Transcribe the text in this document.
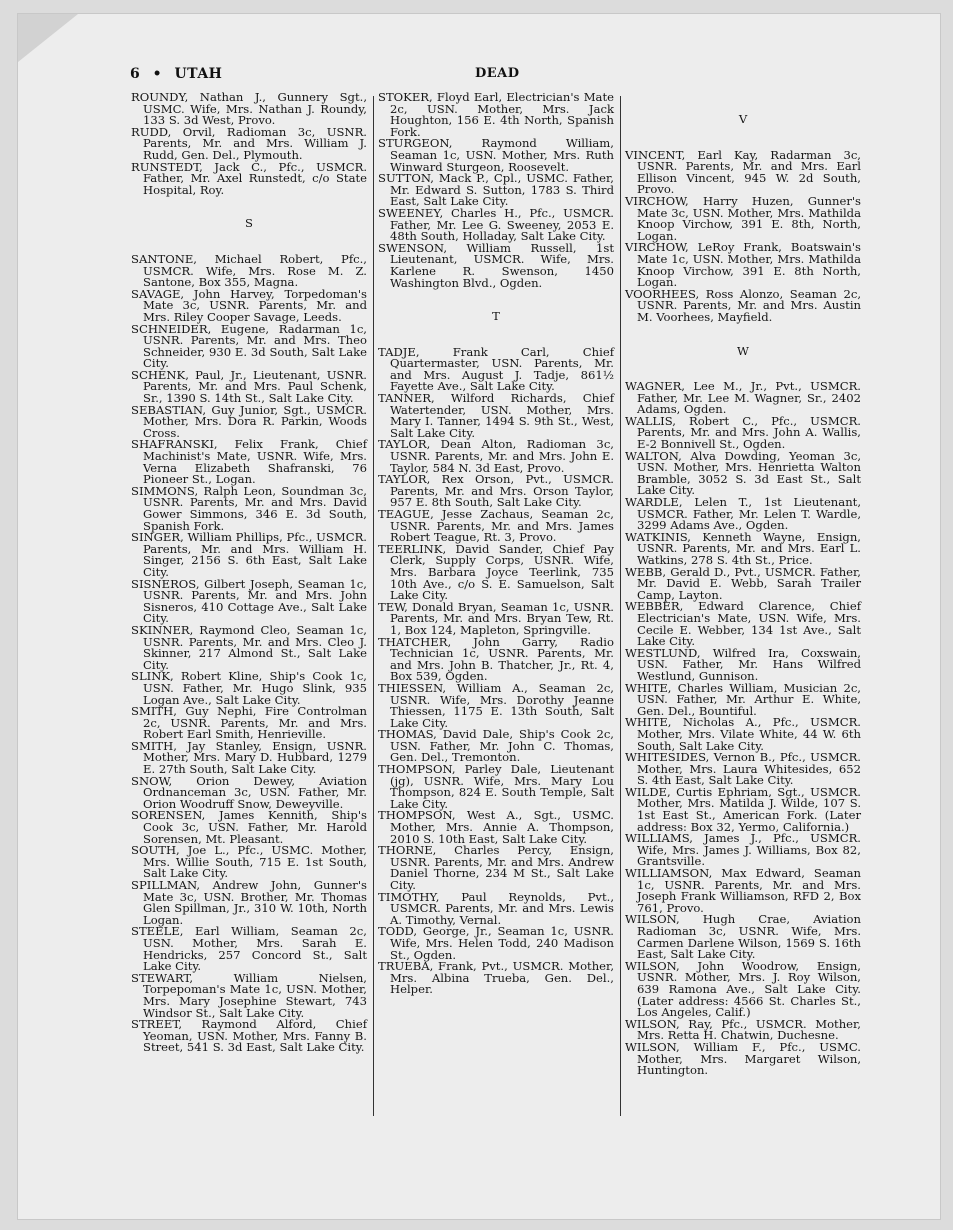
6 • UTAH	DEAD
ROUNDY, Nathan J., Gunnery Sgt., USMC. Wife, Mrs. Nathan J. Roundy, 133 S. 3d West, Provo.
RUDD, Orvil, Radioman 3c, USNR. Parents, Mr. and Mrs. William J. Rudd, Gen. Del., Plymouth.
RUNSTEDT, Jack C., Pfc., USMCR. Father, Mr. Axel Runstedt, c/o State Hospital, Roy.
S
SANTONE, Michael Robert, Pfc., USMCR. Wife, Mrs. Rose M. Z. Santone, Box 355, Magna.
SAVAGE, John Harvey, Torpedoman's Mate 3c, USNR. Parents, Mr. and Mrs. Riley Cooper Savage, Leeds.
SCHNEIDER, Eugene, Radarman 1c, USNR. Parents, Mr. and Mrs. Theo Schneider, 930 E. 3d South, Salt Lake City.
SCHENK, Paul, Jr., Lieutenant, USNR. Parents, Mr. and Mrs. Paul Schenk, Sr., 1390 S. 14th St., Salt Lake City.
SEBASTIAN, Guy Junior, Sgt., USMCR. Mother, Mrs. Dora R. Parkin, Woods Cross.
SHAFRANSKI, Felix Frank, Chief Machinist's Mate, USNR. Wife, Mrs. Verna Elizabeth Shafranski, 76 Pioneer St., Logan.
SIMMONS, Ralph Leon, Soundman 3c, USNR. Parents, Mr. and Mrs. David Gower Simmons, 346 E. 3d South, Spanish Fork.
SINGER, William Phillips, Pfc., USMCR. Parents, Mr. and Mrs. William H. Singer, 2156 S. 6th East, Salt Lake City.
SISNEROS, Gilbert Joseph, Seaman 1c, USNR. Parents, Mr. and Mrs. John Sisneros, 410 Cottage Ave., Salt Lake City.
SKINNER, Raymond Cleo, Seaman 1c, USNR. Parents, Mr. and Mrs. Cleo J. Skinner, 217 Almond St., Salt Lake City.
SLINK, Robert Kline, Ship's Cook 1c, USN. Father, Mr. Hugo Slink, 935 Logan Ave., Salt Lake City.
SMITH, Guy Nephi, Fire Controlman 2c, USNR. Parents, Mr. and Mrs. Robert Earl Smith, Henrieville.
SMITH, Jay Stanley, Ensign, USNR. Mother, Mrs. Mary D. Hubbard, 1279 E. 27th South, Salt Lake City.
SNOW, Orion Dewey, Aviation Ordnanceman 3c, USN. Father, Mr. Orion Woodruff Snow, Deweyville.
SORENSEN, James Kennith, Ship's Cook 3c, USN. Father, Mr. Harold Sorensen, Mt. Pleasant.
SOUTH, Joe L., Pfc., USMC. Mother, Mrs. Willie South, 715 E. 1st South, Salt Lake City.
SPILLMAN, Andrew John, Gunner's Mate 3c, USN. Brother, Mr. Thomas Glen Spillman, Jr., 310 W. 10th, North Logan.
STEELE, Earl William, Seaman 2c, USN. Mother, Mrs. Sarah E. Hendricks, 257 Concord St., Salt Lake City.
STEWART, William Nielsen, Torpepoman's Mate 1c, USN. Mother, Mrs. Mary Josephine Stewart, 743 Windsor St., Salt Lake City.
STREET, Raymond Alford, Chief Yeoman, USN. Mother, Mrs. Fanny B. Street, 541 S. 3d East, Salt Lake City.
STOKER, Floyd Earl, Electrician's Mate 2c, USN. Mother, Mrs. Jack Houghton, 156 E. 4th North, Spanish Fork.
STURGEON, Raymond William, Seaman 1c, USN. Mother, Mrs. Ruth Winward Sturgeon, Roosevelt.
SUTTON, Mack P., Cpl., USMC. Father, Mr. Edward S. Sutton, 1783 S. Third East, Salt Lake City.
SWEENEY, Charles H., Pfc., USMCR. Father, Mr. Lee G. Sweeney, 2053 E. 48th South, Holladay, Salt Lake City.
SWENSON, William Russell, 1st Lieutenant, USMCR. Wife, Mrs. Karlene R. Swenson, 1450 Washington Blvd., Ogden.
T
TADJE, Frank Carl, Chief Quartermaster, USN. Parents, Mr. and Mrs. August J. Tadje, 861½ Fayette Ave., Salt Lake City.
TANNER, Wilford Richards, Chief Watertender, USN. Mother, Mrs. Mary I. Tanner, 1494 S. 9th St., West, Salt Lake City.
TAYLOR, Dean Alton, Radioman 3c, USNR. Parents, Mr. and Mrs. John E. Taylor, 584 N. 3d East, Provo.
TAYLOR, Rex Orson, Pvt., USMCR. Parents, Mr. and Mrs. Orson Taylor, 957 E. 8th South, Salt Lake City.
TEAGUE, Jesse Zachaus, Seaman 2c, USNR. Parents, Mr. and Mrs. James Robert Teague, Rt. 3, Provo.
TEERLINK, David Sander, Chief Pay Clerk, Supply Corps, USNR. Wife, Mrs. Barbara Joyce Teerlink, 735 10th Ave., c/o S. E. Samuelson, Salt Lake City.
TEW, Donald Bryan, Seaman 1c, USNR. Parents, Mr. and Mrs. Bryan Tew, Rt. 1, Box 124, Mapleton, Springville.
THATCHER, John Garry, Radio Technician 1c, USNR. Parents, Mr. and Mrs. John B. Thatcher, Jr., Rt. 4, Box 539, Ogden.
THIESSEN, William A., Seaman 2c, USNR. Wife, Mrs. Dorothy Jeanne Thiessen, 1175 E. 13th South, Salt Lake City.
THOMAS, David Dale, Ship's Cook 2c, USN. Father, Mr. John C. Thomas, Gen. Del., Tremonton.
THOMPSON, Parley Dale, Lieutenant (jg), USNR. Wife, Mrs. Mary Lou Thompson, 824 E. South Temple, Salt Lake City.
THOMPSON, West A., Sgt., USMC. Mother, Mrs. Annie A. Thompson, 2010 S. 10th East, Salt Lake City.
THORNE, Charles Percy, Ensign, USNR. Parents, Mr. and Mrs. Andrew Daniel Thorne, 234 M St., Salt Lake City.
TIMOTHY, Paul Reynolds, Pvt., USMCR. Parents, Mr. and Mrs. Lewis A. Timothy, Vernal.
TODD, George, Jr., Seaman 1c, USNR. Wife, Mrs. Helen Todd, 240 Madison St., Ogden.
TRUEBA, Frank, Pvt., USMCR. Mother, Mrs. Albina Trueba, Gen. Del., Helper.
V
VINCENT, Earl Kay, Radarman 3c, USNR. Parents, Mr. and Mrs. Earl Ellison Vincent, 945 W. 2d South, Provo.
VIRCHOW, Harry Huzen, Gunner's Mate 3c, USN. Mother, Mrs. Mathilda Knoop Virchow, 391 E. 8th, North, Logan.
VIRCHOW, LeRoy Frank, Boatswain's Mate 1c, USN. Mother, Mrs. Mathilda Knoop Virchow, 391 E. 8th North, Logan.
VOORHEES, Ross Alonzo, Seaman 2c, USNR. Parents, Mr. and Mrs. Austin M. Voorhees, Mayfield.
W
WAGNER, Lee M., Jr., Pvt., USMCR. Father, Mr. Lee M. Wagner, Sr., 2402 Adams, Ogden.
WALLIS, Robert C., Pfc., USMCR. Parents, Mr. and Mrs. John A. Wallis, E-2 Bonnivell St., Ogden.
WALTON, Alva Dowding, Yeoman 3c, USN. Mother, Mrs. Henrietta Walton Bramble, 3052 S. 3d East St., Salt Lake City.
WARDLE, Lelen T., 1st Lieutenant, USMCR. Father, Mr. Lelen T. Wardle, 3299 Adams Ave., Ogden.
WATKINIS, Kenneth Wayne, Ensign, USNR. Parents, Mr. and Mrs. Earl L. Watkins, 278 S. 4th St., Price.
WEBB, Gerald D., Pvt., USMCR. Father, Mr. David E. Webb, Sarah Trailer Camp, Layton.
WEBBER, Edward Clarence, Chief Electrician's Mate, USN. Wife, Mrs. Cecile E. Webber, 134 1st Ave., Salt Lake City.
WESTLUND, Wilfred Ira, Coxswain, USN. Father, Mr. Hans Wilfred Westlund, Gunnison.
WHITE, Charles William, Musician 2c, USN. Father, Mr. Arthur E. White, Gen. Del., Bountiful.
WHITE, Nicholas A., Pfc., USMCR. Mother, Mrs. Vilate White, 44 W. 6th South, Salt Lake City.
WHITESIDES, Vernon B., Pfc., USMCR. Mother, Mrs. Laura Whitesides, 652 S. 4th East, Salt Lake City.
WILDE, Curtis Ephriam, Sgt., USMCR. Mother, Mrs. Matilda J. Wilde, 107 S. 1st East St., American Fork. (Later address: Box 32, Yermo, California.)
WILLIAMS, James J., Pfc., USMCR. Wife, Mrs. James J. Williams, Box 82, Grantsville.
WILLIAMSON, Max Edward, Seaman 1c, USNR. Parents, Mr. and Mrs. Joseph Frank Williamson, RFD 2, Box 761, Provo.
WILSON, Hugh Crae, Aviation Radioman 3c, USNR. Wife, Mrs. Carmen Darlene Wilson, 1569 S. 16th East, Salt Lake City.
WILSON, John Woodrow, Ensign, USNR. Mother, Mrs. J. Roy Wilson, 639 Ramona Ave., Salt Lake City. (Later address: 4566 St. Charles St., Los Angeles, Calif.)
WILSON, Ray, Pfc., USMCR. Mother, Mrs. Retta H. Chatwin, Duchesne.
WILSON, William F., Pfc., USMC. Mother, Mrs. Margaret Wilson, Huntington.
